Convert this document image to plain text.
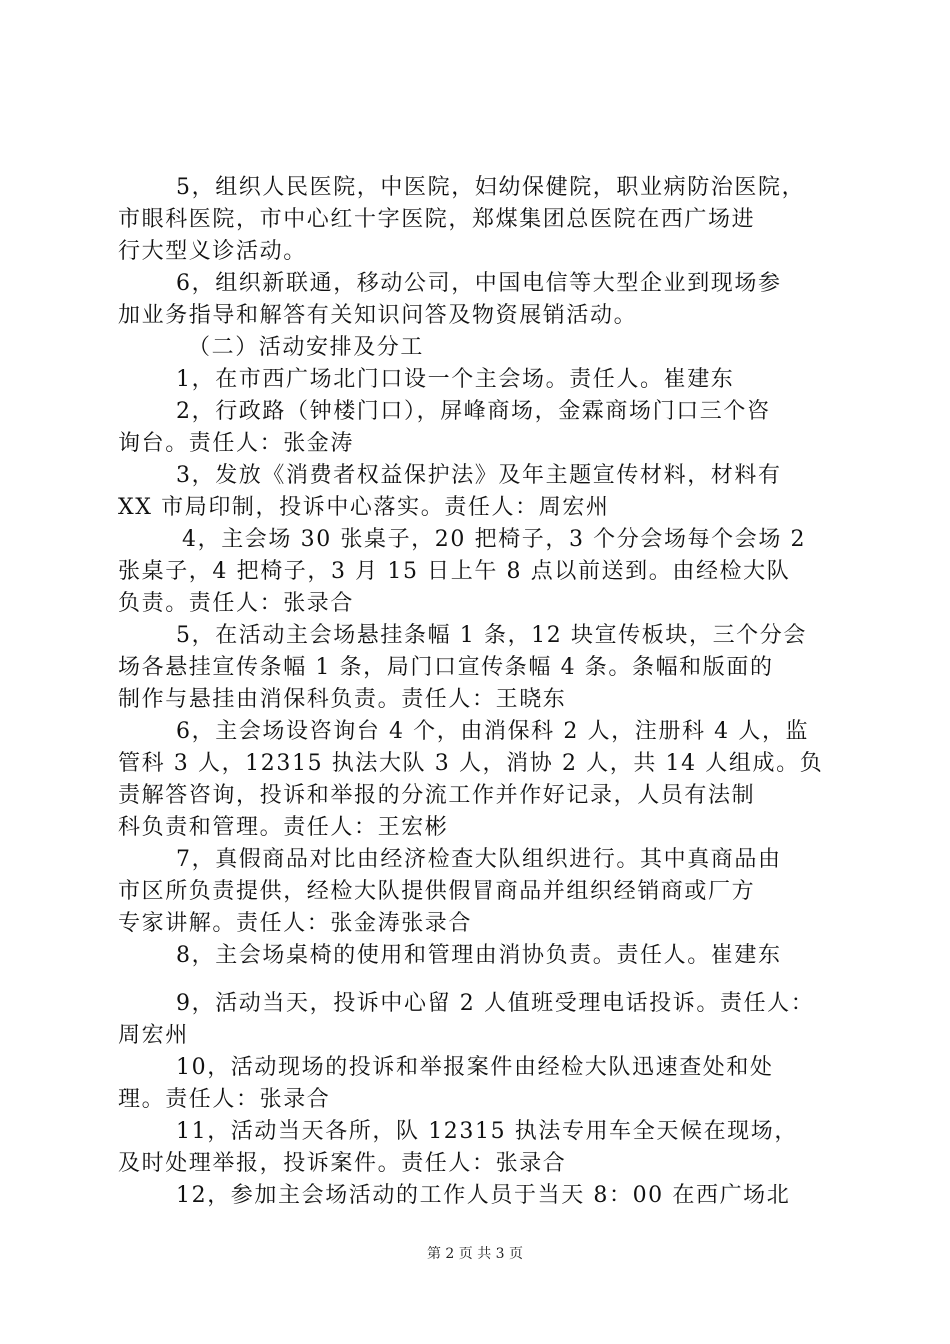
5，组织人民医院，中医院，妇幼保健院，职业病防治医院，
市眼科医院，市中心红十字医院，郑煤集团总医院在西广场进
行大型义诊活动。
6，组织新联通，移动公司，中国电信等大型企业到现场参
加业务指导和解答有关知识问答及物资展销活动。
（二）活动安排及分工
1，在市西广场北门口设一个主会场。责任人。崔建东
2，行政路（钟楼门口），屏峰商场，金霖商场门口三个咨
询台。责任人：张金涛
3，发放《消费者权益保护法》及年主题宣传材料，材料有
XX 市局印制，投诉中心落实。责任人：周宏州
4，主会场 30 张桌子，20 把椅子，3 个分会场每个会场 2
张桌子，4 把椅子，3 月 15 日上午 8 点以前送到。由经检大队
负责。责任人：张录合
5，在活动主会场悬挂条幅 1 条，12 块宣传板块，三个分会
场各悬挂宣传条幅 1 条，局门口宣传条幅 4 条。条幅和版面的
制作与悬挂由消保科负责。责任人：王晓东
6，主会场设咨询台 4 个，由消保科 2 人，注册科 4 人，监
管科 3 人，12315 执法大队 3 人，消协 2 人，共 14 人组成。负
责解答咨询，投诉和举报的分流工作并作好记录，人员有法制
科负责和管理。责任人：王宏彬
7，真假商品对比由经济检查大队组织进行。其中真商品由
市区所负责提供，经检大队提供假冒商品并组织经销商或厂方
专家讲解。责任人：张金涛张录合
8，主会场桌椅的使用和管理由消协负责。责任人。崔建东
9，活动当天，投诉中心留 2 人值班受理电话投诉。责任人：
周宏州
10，活动现场的投诉和举报案件由经检大队迅速查处和处
理。责任人：张录合
11，活动当天各所，队 12315 执法专用车全天候在现场，
及时处理举报，投诉案件。责任人：张录合
12，参加主会场活动的工作人员于当天 8：00 在西广场北
第 2 页 共 3 页
